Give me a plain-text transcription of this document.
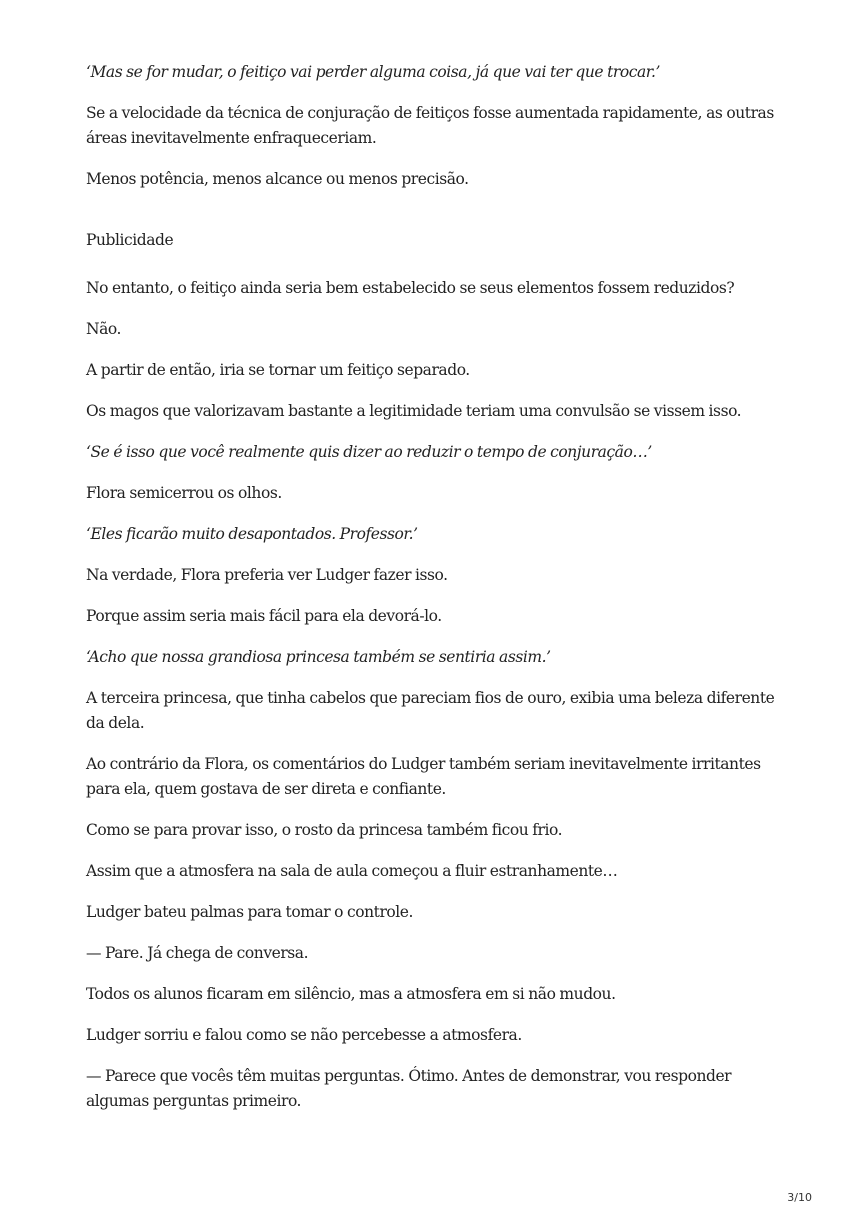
‘Mas se for mudar, o feitiço vai perder alguma coisa, já que vai ter que trocar.’

Se a velocidade da técnica de conjuração de feitiços fosse aumentada rapidamente, as outras áreas inevitavelmente enfraqueceriam.

Menos potência, menos alcance ou menos precisão.

Publicidade

No entanto, o feitiço ainda seria bem estabelecido se seus elementos fossem reduzidos?

Não.

A partir de então, iria se tornar um feitiço separado.

Os magos que valorizavam bastante a legitimidade teriam uma convulsão se vissem isso.

‘Se é isso que você realmente quis dizer ao reduzir o tempo de conjuração…’

Flora semicerrou os olhos.

‘Eles ficarão muito desapontados. Professor.’

Na verdade, Flora preferia ver Ludger fazer isso.

Porque assim seria mais fácil para ela devorá-lo.

‘Acho que nossa grandiosa princesa também se sentiria assim.’

A terceira princesa, que tinha cabelos que pareciam fios de ouro, exibia uma beleza diferente da dela.

Ao contrário da Flora, os comentários do Ludger também seriam inevitavelmente irritantes para ela, quem gostava de ser direta e confiante.

Como se para provar isso, o rosto da princesa também ficou frio.

Assim que a atmosfera na sala de aula começou a fluir estranhamente…

Ludger bateu palmas para tomar o controle.

— Pare. Já chega de conversa.

Todos os alunos ficaram em silêncio, mas a atmosfera em si não mudou.

Ludger sorriu e falou como se não percebesse a atmosfera.

— Parece que vocês têm muitas perguntas. Ótimo. Antes de demonstrar, vou responder algumas perguntas primeiro.

3/10
